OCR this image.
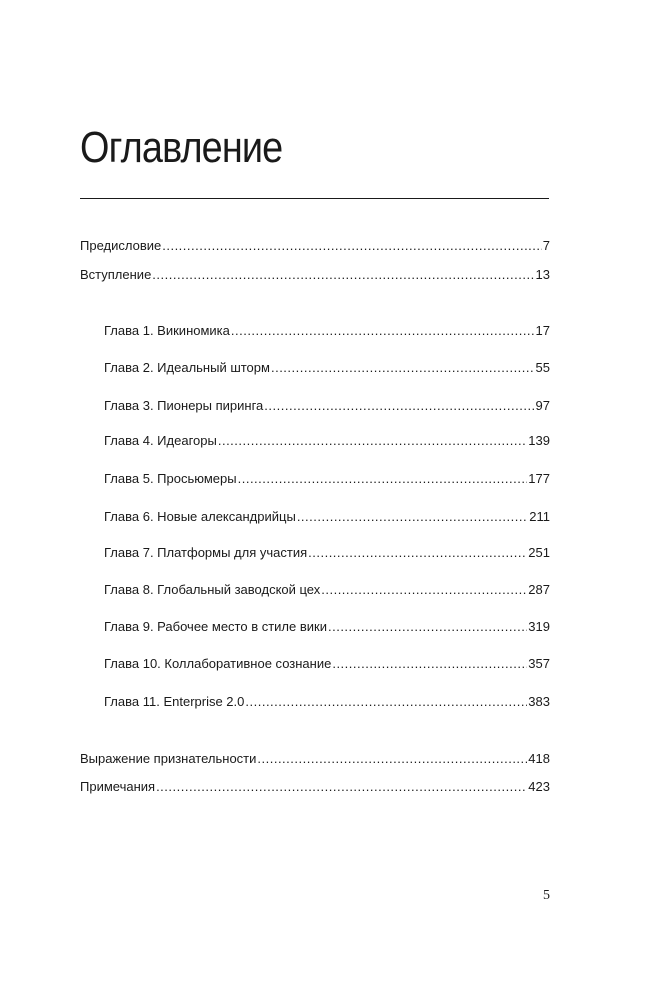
Оглавление
Предисловие .....	7
Вступление .....	13
Глава 1. Викиномика .....	17
Глава 2. Идеальный шторм .....	55
Глава 3. Пионеры пиринга .....	97
Глава 4. Идеагоры .....	139
Глава 5. Просьюмеры .....	177
Глава 6. Новые александрийцы .....	211
Глава 7. Платформы для участия .....	251
Глава 8. Глобальный заводской цех .....	287
Глава 9. Рабочее место в стиле вики .....	319
Глава 10. Коллаборативное сознание .....	357
Глава 11. Enterprise 2.0 .....	383
Выражение признательности .....	418
Примечания .....	423
5
